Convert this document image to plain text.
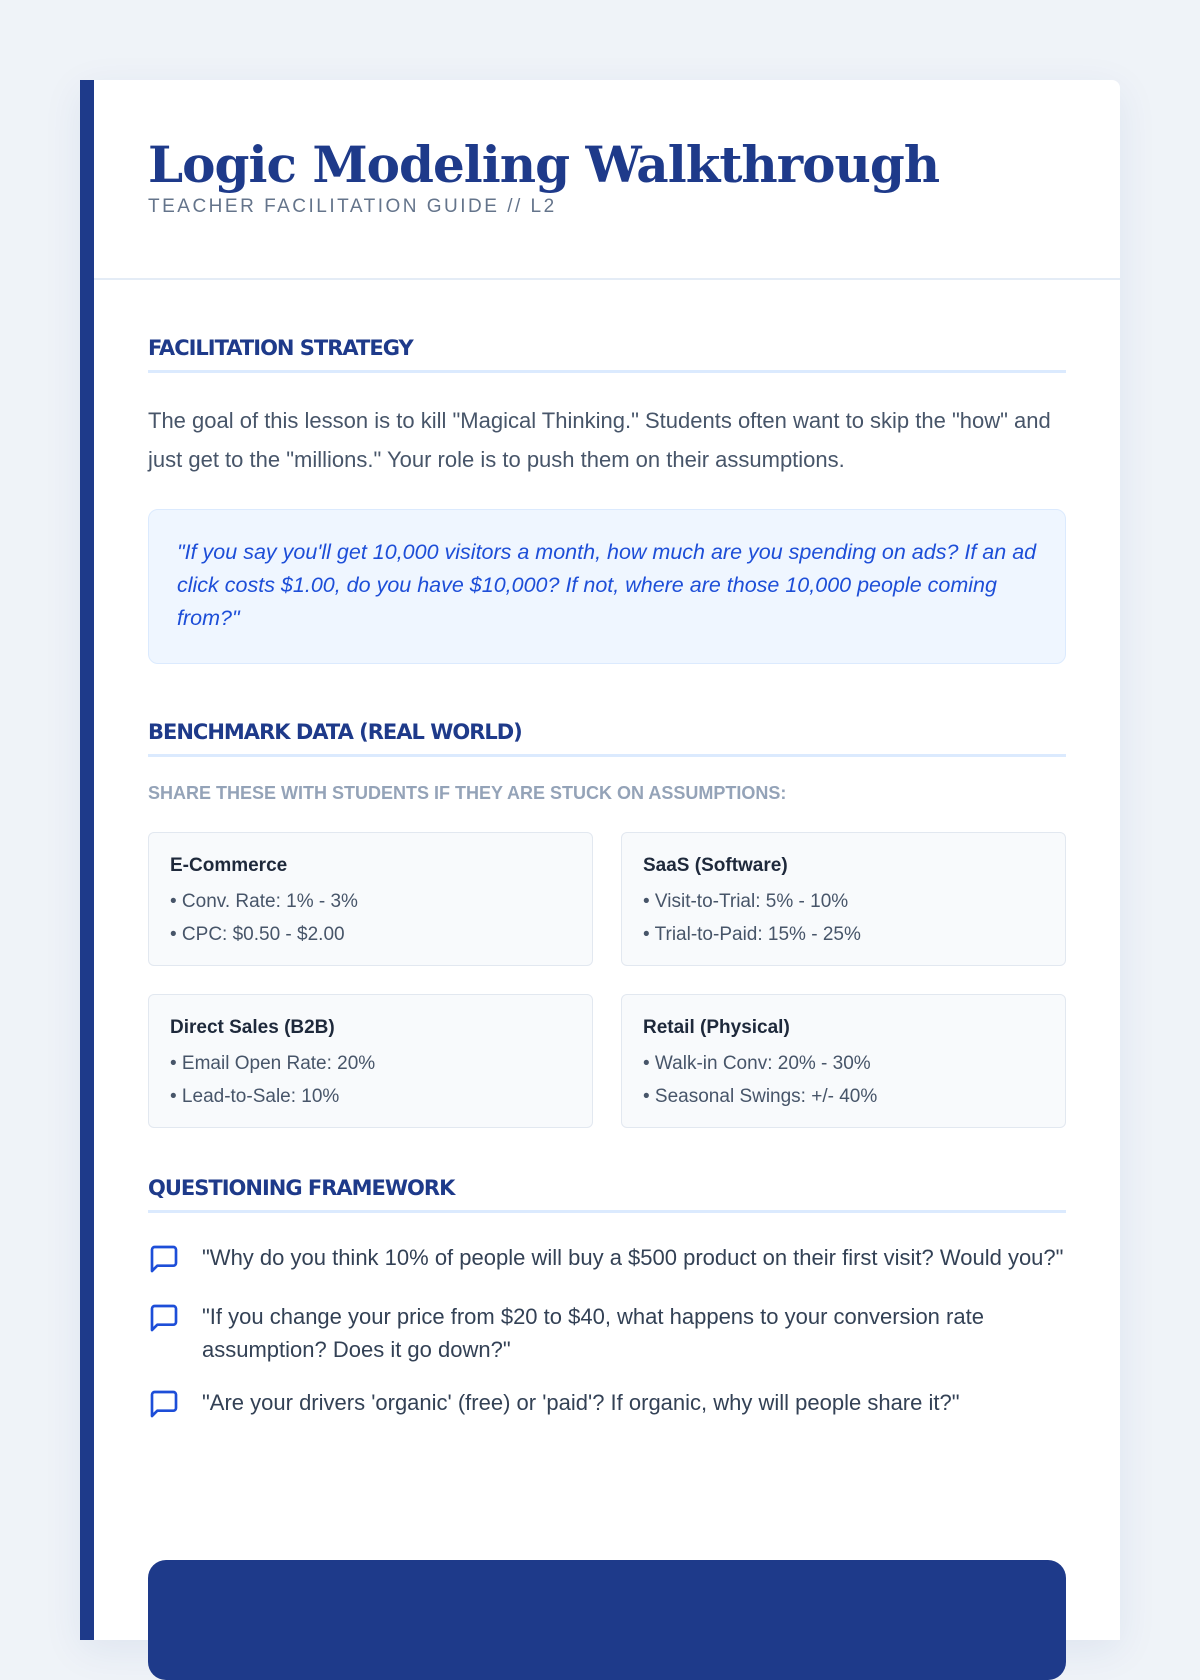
Logic Modeling Walkthrough
TEACHER FACILITATION GUIDE // L2
FACILITATION STRATEGY

The goal of this lesson is to kill "Magical Thinking." Students often want to skip the "how" and just get to the "millions." Your role is to push them on their assumptions.

"If you say you'll get 10,000 visitors a month, how much are you spending on ads? If an ad click costs $1.00, do you have $10,000? If not, where are those 10,000 people coming from?"
BENCHMARK DATA (REAL WORLD)
SHARE THESE WITH STUDENTS IF THEY ARE STUCK ON ASSUMPTIONS:
E-Commerce
• Conv. Rate: 1% - 3%
• CPC: $0.50 - $2.00
SaaS (Software)
• Visit-to-Trial: 5% - 10%
• Trial-to-Paid: 15% - 25%
Direct Sales (B2B)
• Email Open Rate: 20%
• Lead-to-Sale: 10%
Retail (Physical)
• Walk-in Conv: 20% - 30%
• Seasonal Swings: +/- 40%
QUESTIONING FRAMEWORK
"Why do you think 10% of people will buy a $500 product on their first visit? Would you?"
"If you change your price from $20 to $40, what happens to your conversion rate assumption? Does it go down?"
"Are your drivers 'organic' (free) or 'paid'? If organic, why will people share it?"
